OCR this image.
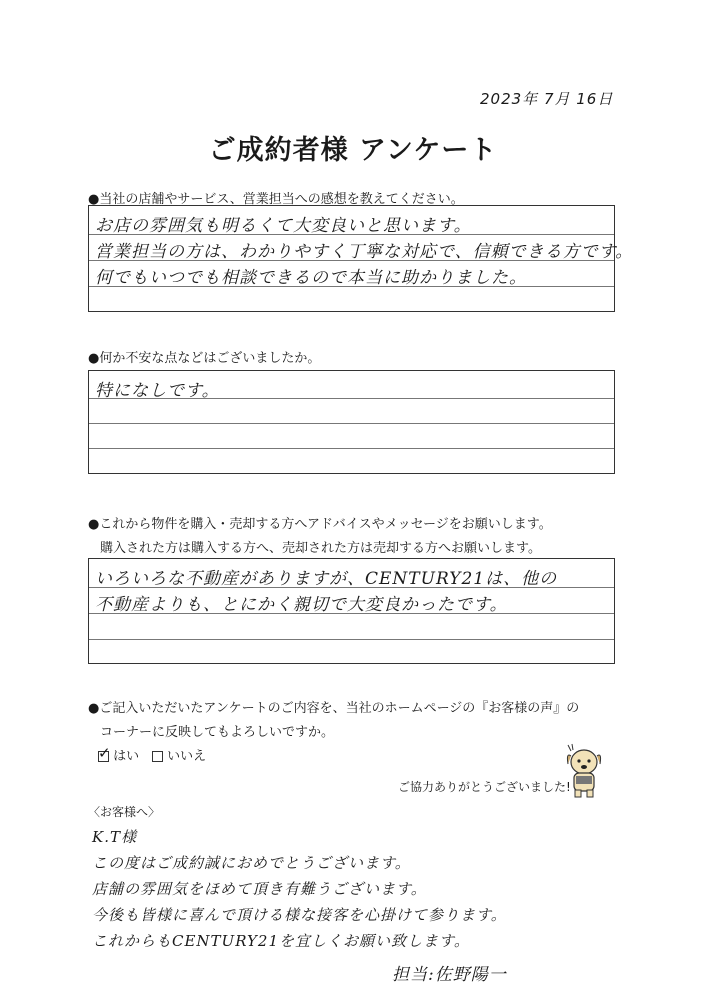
2023年 7月 16日
ご成約者様 アンケート
●当社の店舗やサービス、営業担当への感想を教えてください。
お店の雰囲気も明るくて大変良いと思います。
営業担当の方は、わかりやすく丁寧な対応で、信頼できる方です。
何でもいつでも相談できるので本当に助かりました。
●何か不安な点などはございましたか。
特になしです。
●これから物件を購入・売却する方へアドバイスやメッセージをお願いします。
購入された方は購入する方へ、売却された方は売却する方へお願いします。
いろいろな不動産がありますが、CENTURY21は、他の
不動産よりも、とにかく親切で大変良かったです。
●ご記入いただいたアンケートのご内容を、当社のホームページの『お客様の声』の
コーナーに反映してもよろしいですか。
✓ はい	いいえ
ご協力ありがとうございました!
〈お客様へ〉
K.T様
この度はご成約誠におめでとうございます。
店舗の雰囲気をほめて頂き有難うございます。
今後も皆様に喜んで頂ける様な接客を心掛けて参ります。
これからもCENTURY21を宜しくお願い致します。
担当:佐野陽一
